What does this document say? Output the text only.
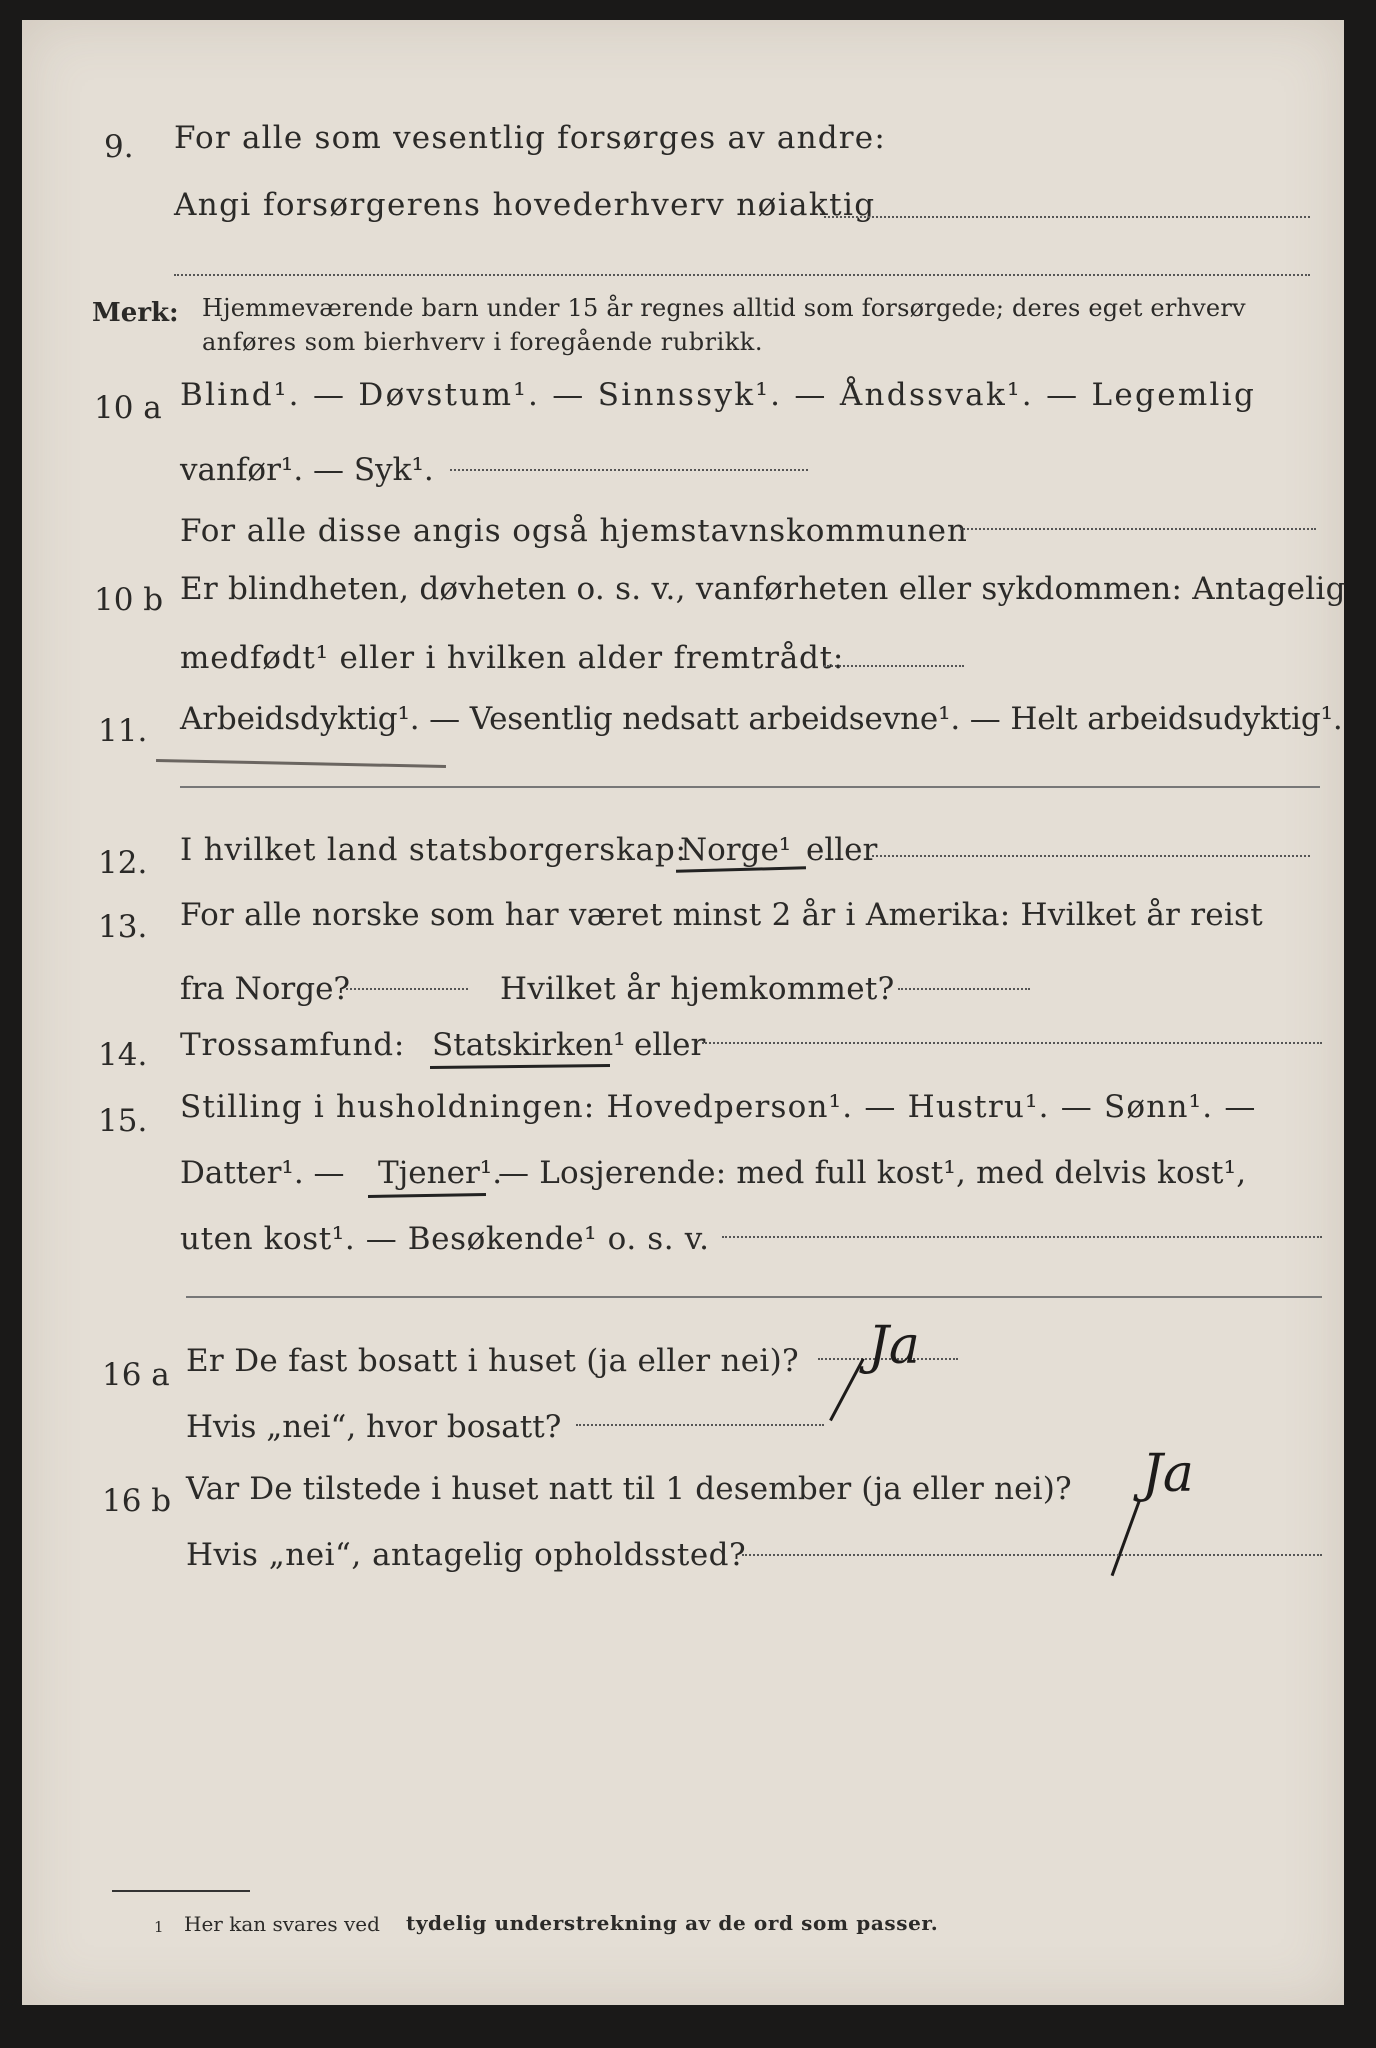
9. For alle som vesentlig forsørges av andre:
Angi forsørgerens hovederhverv nøiaktig
Merk: Hjemmeværende barn under 15 år regnes alltid som forsørgede; deres eget erhverv
anføres som bierhverv i foregående rubrikk.
10 a Blind¹. — Døvstum¹. — Sinnssyk¹. — Åndssvak¹. — Legemlig
vanfør¹. — Syk¹.
For alle disse angis også hjemstavnskommunen
10 b Er blindheten, døvheten o. s. v., vanførheten eller sykdommen: Antagelig
medfødt¹ eller i hvilken alder fremtrådt:
11. Arbeidsdyktig¹. — Vesentlig nedsatt arbeidsevne¹. — Helt arbeidsudyktig¹.
12. I hvilket land statsborgerskap:
Norge¹ eller
13. For alle norske som har været minst 2 år i Amerika: Hvilket år reist
fra Norge?	Hvilket år hjemkommet?
14. Trossamfund: Statskirken¹ eller
15. Stilling i husholdningen: Hovedperson¹. — Hustru¹. — Sønn¹. —
Datter¹. — Tjener¹.
— Losjerende: med full kost¹, med delvis kost¹,
uten kost¹. — Besøkende¹ o. s. v.
16 a Er De fast bosatt i huset (ja eller nei)? Ja
Hvis „nei“, hvor bosatt?
16 b Var De tilstede i huset natt til 1 desember (ja eller nei)? Ja
Hvis „nei“, antagelig opholdssted?
1 Her kan svares ved tydelig understrekning av de ord som passer.
